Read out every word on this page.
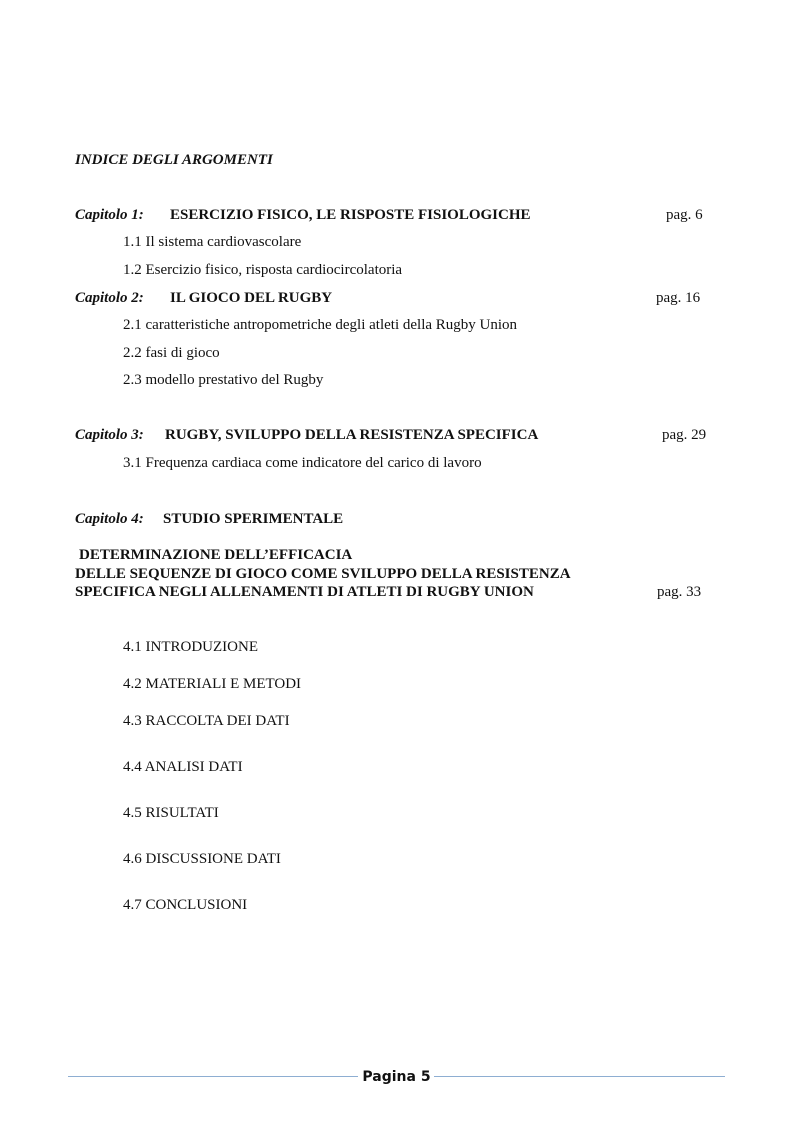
INDICE DEGLI ARGOMENTI
Capitolo 1: ESERCIZIO FISICO, LE RISPOSTE FISIOLOGICHE	pag. 6
1.1 Il sistema cardiovascolare
1.2 Esercizio fisico, risposta cardiocircolatoria
Capitolo 2: IL GIOCO DEL RUGBY	pag. 16
2.1 caratteristiche antropometriche degli atleti della Rugby Union
2.2 fasi di gioco
2.3 modello prestativo del Rugby
Capitolo 3: RUGBY, SVILUPPO DELLA RESISTENZA SPECIFICA	pag. 29
3.1 Frequenza cardiaca come indicatore del carico di lavoro
Capitolo 4: STUDIO SPERIMENTALE
DETERMINAZIONE DELL’EFFICACIA
DELLE SEQUENZE DI GIOCO COME SVILUPPO DELLA RESISTENZA
SPECIFICA NEGLI ALLENAMENTI DI ATLETI DI RUGBY UNION	pag. 33
4.1 INTRODUZIONE
4.2 MATERIALI E METODI
4.3 RACCOLTA DEI DATI
4.4 ANALISI DATI
4.5 RISULTATI
4.6 DISCUSSIONE DATI
4.7 CONCLUSIONI
Pagina 5
